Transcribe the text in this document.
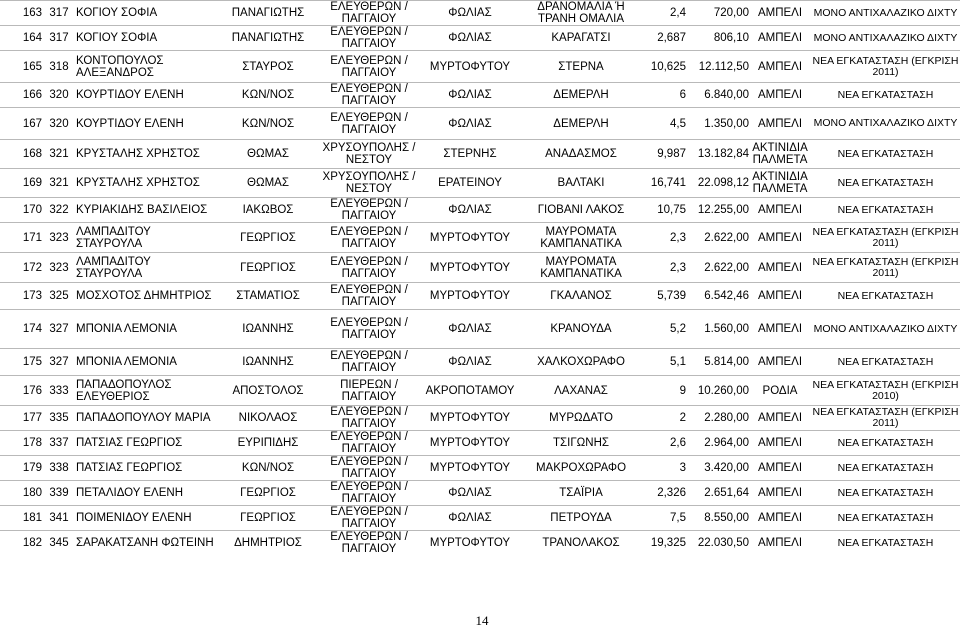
163	317	ΚΟΓΙΟΥ ΣΟΦΙΑ	ΠΑΝΑΓΙΩΤΗΣ	ΕΛΕΥΘΕΡΩΝ / ΠΑΓΓΑΙΟΥ	ΦΩΛΙΑΣ	ΔΡΑΝΟΜΑΛΙΑ Ή ΤΡΑΝΗ ΟΜΑΛΙΑ	2,4	720,00	ΑΜΠΕΛΙ	ΜΟΝΟ ΑΝΤΙΧΑΛΑΖΙΚΟ ΔΙΧΤΥ
164	317	ΚΟΓΙΟΥ ΣΟΦΙΑ	ΠΑΝΑΓΙΩΤΗΣ	ΕΛΕΥΘΕΡΩΝ / ΠΑΓΓΑΙΟΥ	ΦΩΛΙΑΣ	ΚΑΡΑΓΑΤΣΙ	2,687	806,10	ΑΜΠΕΛΙ	ΜΟΝΟ ΑΝΤΙΧΑΛΑΖΙΚΟ ΔΙΧΤΥ
165	318	ΚΟΝΤΟΠΟΥΛΟΣ ΑΛΕΞΑΝΔΡΟΣ	ΣΤΑΥΡΟΣ	ΕΛΕΥΘΕΡΩΝ / ΠΑΓΓΑΙΟΥ	ΜΥΡΤΟΦΥΤΟΥ	ΣΤΕΡΝΑ	10,625	12.112,50	ΑΜΠΕΛΙ	ΝΕΑ ΕΓΚΑΤΑΣΤΑΣΗ (ΕΓΚΡΙΣΗ 2011)
166	320	ΚΟΥΡΤΙΔΟΥ ΕΛΕΝΗ	ΚΩΝ/ΝΟΣ	ΕΛΕΥΘΕΡΩΝ / ΠΑΓΓΑΙΟΥ	ΦΩΛΙΑΣ	ΔΕΜΕΡΛΗ	6	6.840,00	ΑΜΠΕΛΙ	ΝΕΑ ΕΓΚΑΤΑΣΤΑΣΗ
167	320	ΚΟΥΡΤΙΔΟΥ ΕΛΕΝΗ	ΚΩΝ/ΝΟΣ	ΕΛΕΥΘΕΡΩΝ / ΠΑΓΓΑΙΟΥ	ΦΩΛΙΑΣ	ΔΕΜΕΡΛΗ	4,5	1.350,00	ΑΜΠΕΛΙ	ΜΟΝΟ ΑΝΤΙΧΑΛΑΖΙΚΟ ΔΙΧΤΥ
168	321	ΚΡΥΣΤΑΛΗΣ ΧΡΗΣΤΟΣ	ΘΩΜΑΣ	ΧΡΥΣΟΥΠΟΛΗΣ / ΝΕΣΤΟΥ	ΣΤΕΡΝΗΣ	ΑΝΑΔΑΣΜΟΣ	9,987	13.182,84	ΑΚΤΙΝΙΔΙΑ ΠΑΛΜΕΤΑ	ΝΕΑ ΕΓΚΑΤΑΣΤΑΣΗ
169	321	ΚΡΥΣΤΑΛΗΣ ΧΡΗΣΤΟΣ	ΘΩΜΑΣ	ΧΡΥΣΟΥΠΟΛΗΣ / ΝΕΣΤΟΥ	ΕΡΑΤΕΙΝΟΥ	ΒΑΛΤΑΚΙ	16,741	22.098,12	ΑΚΤΙΝΙΔΙΑ ΠΑΛΜΕΤΑ	ΝΕΑ ΕΓΚΑΤΑΣΤΑΣΗ
170	322	ΚΥΡΙΑΚΙΔΗΣ ΒΑΣΙΛΕΙΟΣ	ΙΑΚΩΒΟΣ	ΕΛΕΥΘΕΡΩΝ / ΠΑΓΓΑΙΟΥ	ΦΩΛΙΑΣ	ΓΙΟΒΑΝΙ ΛΑΚΟΣ	10,75	12.255,00	ΑΜΠΕΛΙ	ΝΕΑ ΕΓΚΑΤΑΣΤΑΣΗ
171	323	ΛΑΜΠΑΔΙΤΟΥ ΣΤΑΥΡΟΥΛΑ	ΓΕΩΡΓΙΟΣ	ΕΛΕΥΘΕΡΩΝ / ΠΑΓΓΑΙΟΥ	ΜΥΡΤΟΦΥΤΟΥ	ΜΑΥΡΟΜΑΤΑ ΚΑΜΠΑΝΑΤΙΚΑ	2,3	2.622,00	ΑΜΠΕΛΙ	ΝΕΑ ΕΓΚΑΤΑΣΤΑΣΗ (ΕΓΚΡΙΣΗ 2011)
172	323	ΛΑΜΠΑΔΙΤΟΥ ΣΤΑΥΡΟΥΛΑ	ΓΕΩΡΓΙΟΣ	ΕΛΕΥΘΕΡΩΝ / ΠΑΓΓΑΙΟΥ	ΜΥΡΤΟΦΥΤΟΥ	ΜΑΥΡΟΜΑΤΑ ΚΑΜΠΑΝΑΤΙΚΑ	2,3	2.622,00	ΑΜΠΕΛΙ	ΝΕΑ ΕΓΚΑΤΑΣΤΑΣΗ (ΕΓΚΡΙΣΗ 2011)
173	325	ΜΟΣΧΟΤΟΣ ΔΗΜΗΤΡΙΟΣ	ΣΤΑΜΑΤΙΟΣ	ΕΛΕΥΘΕΡΩΝ / ΠΑΓΓΑΙΟΥ	ΜΥΡΤΟΦΥΤΟΥ	ΓΚΑΛΑΝΟΣ	5,739	6.542,46	ΑΜΠΕΛΙ	ΝΕΑ ΕΓΚΑΤΑΣΤΑΣΗ
174	327	ΜΠΟΝΙΑ ΛΕΜΟΝΙΑ	ΙΩΑΝΝΗΣ	ΕΛΕΥΘΕΡΩΝ / ΠΑΓΓΑΙΟΥ	ΦΩΛΙΑΣ	ΚΡΑΝΟΥΔΑ	5,2	1.560,00	ΑΜΠΕΛΙ	ΜΟΝΟ ΑΝΤΙΧΑΛΑΖΙΚΟ ΔΙΧΤΥ
175	327	ΜΠΟΝΙΑ ΛΕΜΟΝΙΑ	ΙΩΑΝΝΗΣ	ΕΛΕΥΘΕΡΩΝ / ΠΑΓΓΑΙΟΥ	ΦΩΛΙΑΣ	ΧΑΛΚΟΧΩΡΑΦΟ	5,1	5.814,00	ΑΜΠΕΛΙ	ΝΕΑ ΕΓΚΑΤΑΣΤΑΣΗ
176	333	ΠΑΠΑΔΟΠΟΥΛΟΣ ΕΛΕΥΘΕΡΙΟΣ	ΑΠΟΣΤΟΛΟΣ	ΠΙΕΡΕΩΝ / ΠΑΓΓΑΙΟΥ	ΑΚΡΟΠΟΤΑΜΟΥ	ΛΑΧΑΝΑΣ	9	10.260,00	ΡΟΔΙΑ	ΝΕΑ ΕΓΚΑΤΑΣΤΑΣΗ (ΕΓΚΡΙΣΗ 2010)
177	335	ΠΑΠΑΔΟΠΟΥΛΟΥ ΜΑΡΙΑ	ΝΙΚΟΛΑΟΣ	ΕΛΕΥΘΕΡΩΝ / ΠΑΓΓΑΙΟΥ	ΜΥΡΤΟΦΥΤΟΥ	ΜΥΡΩΔΑΤΟ	2	2.280,00	ΑΜΠΕΛΙ	ΝΕΑ ΕΓΚΑΤΑΣΤΑΣΗ (ΕΓΚΡΙΣΗ 2011)
178	337	ΠΑΤΣΙΑΣ ΓΕΩΡΓΙΟΣ	ΕΥΡΙΠΙΔΗΣ	ΕΛΕΥΘΕΡΩΝ / ΠΑΓΓΑΙΟΥ	ΜΥΡΤΟΦΥΤΟΥ	ΤΣΙΓΩΝΗΣ	2,6	2.964,00	ΑΜΠΕΛΙ	ΝΕΑ ΕΓΚΑΤΑΣΤΑΣΗ
179	338	ΠΑΤΣΙΑΣ ΓΕΩΡΓΙΟΣ	ΚΩΝ/ΝΟΣ	ΕΛΕΥΘΕΡΩΝ / ΠΑΓΓΑΙΟΥ	ΜΥΡΤΟΦΥΤΟΥ	ΜΑΚΡΟΧΩΡΑΦΟ	3	3.420,00	ΑΜΠΕΛΙ	ΝΕΑ ΕΓΚΑΤΑΣΤΑΣΗ
180	339	ΠΕΤΑΛΙΔΟΥ ΕΛΕΝΗ	ΓΕΩΡΓΙΟΣ	ΕΛΕΥΘΕΡΩΝ / ΠΑΓΓΑΙΟΥ	ΦΩΛΙΑΣ	ΤΣΑΪΡΙΑ	2,326	2.651,64	ΑΜΠΕΛΙ	ΝΕΑ ΕΓΚΑΤΑΣΤΑΣΗ
181	341	ΠΟΙΜΕΝΙΔΟΥ ΕΛΕΝΗ	ΓΕΩΡΓΙΟΣ	ΕΛΕΥΘΕΡΩΝ / ΠΑΓΓΑΙΟΥ	ΦΩΛΙΑΣ	ΠΕΤΡΟΥΔΑ	7,5	8.550,00	ΑΜΠΕΛΙ	ΝΕΑ ΕΓΚΑΤΑΣΤΑΣΗ
182	345	ΣΑΡΑΚΑΤΣΑΝΗ ΦΩΤΕΙΝΗ	ΔΗΜΗΤΡΙΟΣ	ΕΛΕΥΘΕΡΩΝ / ΠΑΓΓΑΙΟΥ	ΜΥΡΤΟΦΥΤΟΥ	ΤΡΑΝΟΛΑΚΟΣ	19,325	22.030,50	ΑΜΠΕΛΙ	ΝΕΑ ΕΓΚΑΤΑΣΤΑΣΗ
14
